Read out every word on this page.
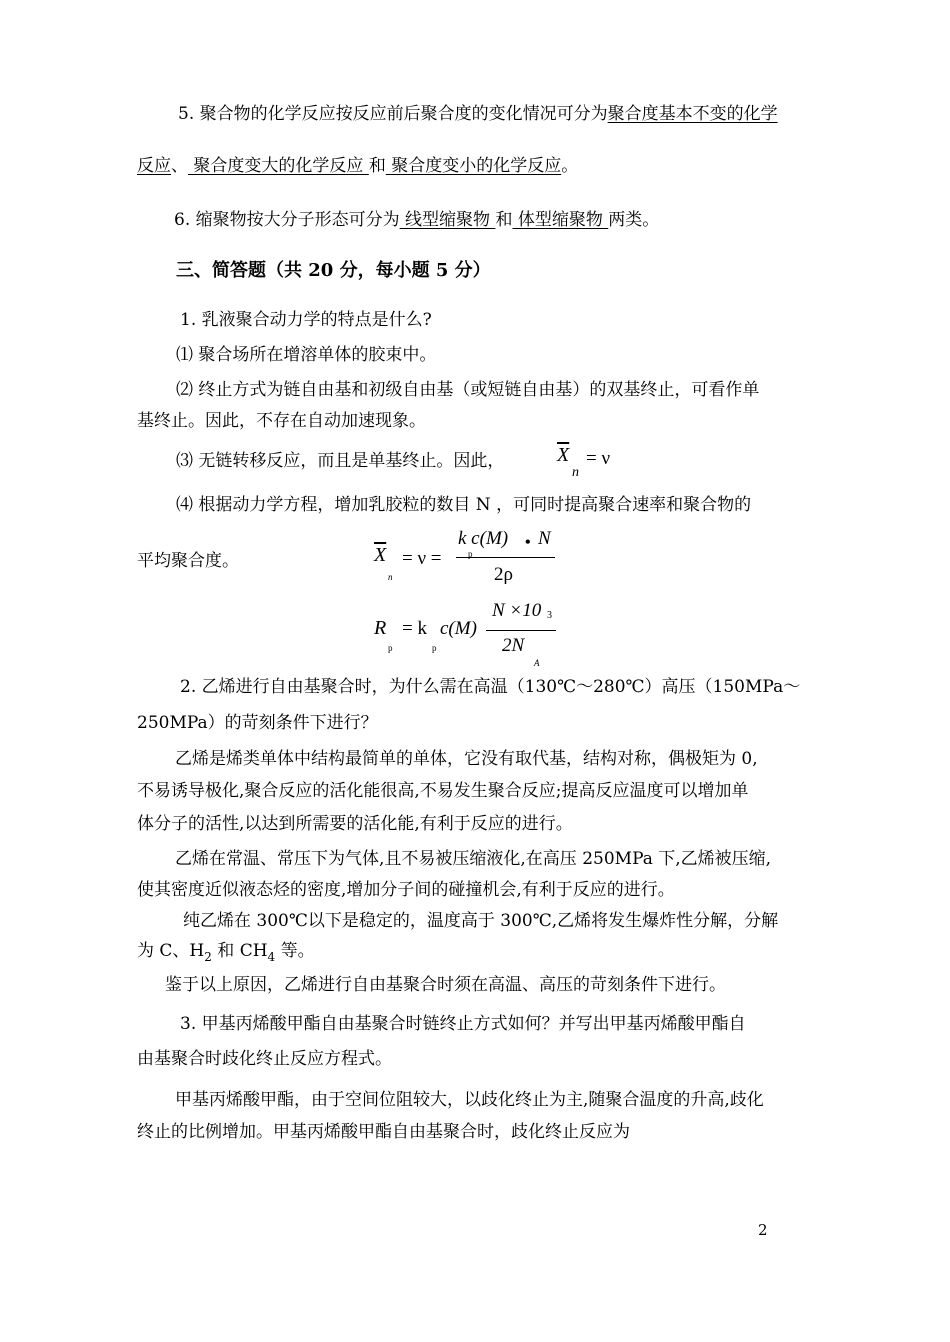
5. 聚合物的化学反应按反应前后聚合度的变化情况可分为聚合度基本不变的化学
反应、 聚合度变大的化学反应 和 聚合度变小的化学反应。
6. 缩聚物按大分子形态可分为 线型缩聚物 和 体型缩聚物 两类。
三、简答题（共 20 分，每小题 5 分）
1. 乳液聚合动力学的特点是什么?
⑴ 聚合场所在增溶单体的胶束中。
⑵ 终止方式为链自由基和初级自由基（或短链自由基）的双基终止，可看作单
基终止。因此，不存在自动加速现象。
⑶ 无链转移反应，而且是单基终止。因此，	$\overline{X}$
n
= ν
⑷ 根据动力学方程，增加乳胶粒的数目 N ，可同时提高聚合速率和聚合物的
平均聚合度。	$\overline{X}$
n
= ν =
k c(M)
p
• N
2ρ
R
p
= k
p
c(M)
N ×10 3
2N
A
2. 乙烯进行自由基聚合时，为什么需在高温（130℃～280℃）高压（150MPa～
250MPa）的苛刻条件下进行？
乙烯是烯类单体中结构最简单的单体，它没有取代基，结构对称，偶极矩为 0,
不易诱导极化,聚合反应的活化能很高,不易发生聚合反应;提高反应温度可以增加单
体分子的活性,以达到所需要的活化能,有利于反应的进行。
乙烯在常温、常压下为气体,且不易被压缩液化,在高压 250MPa 下,乙烯被压缩,
使其密度近似液态烃的密度,增加分子间的碰撞机会,有利于反应的进行。
纯乙烯在 300℃以下是稳定的，温度高于 300℃,乙烯将发生爆炸性分解，分解
为 C、$H_2$ 和 $CH_4$ 等。
鉴于以上原因，乙烯进行自由基聚合时须在高温、高压的苛刻条件下进行。
3. 甲基丙烯酸甲酯自由基聚合时链终止方式如何？并写出甲基丙烯酸甲酯自
由基聚合时歧化终止反应方程式。
甲基丙烯酸甲酯，由于空间位阻较大，以歧化终止为主,随聚合温度的升高,歧化
终止的比例增加。甲基丙烯酸甲酯自由基聚合时，歧化终止反应为
2
